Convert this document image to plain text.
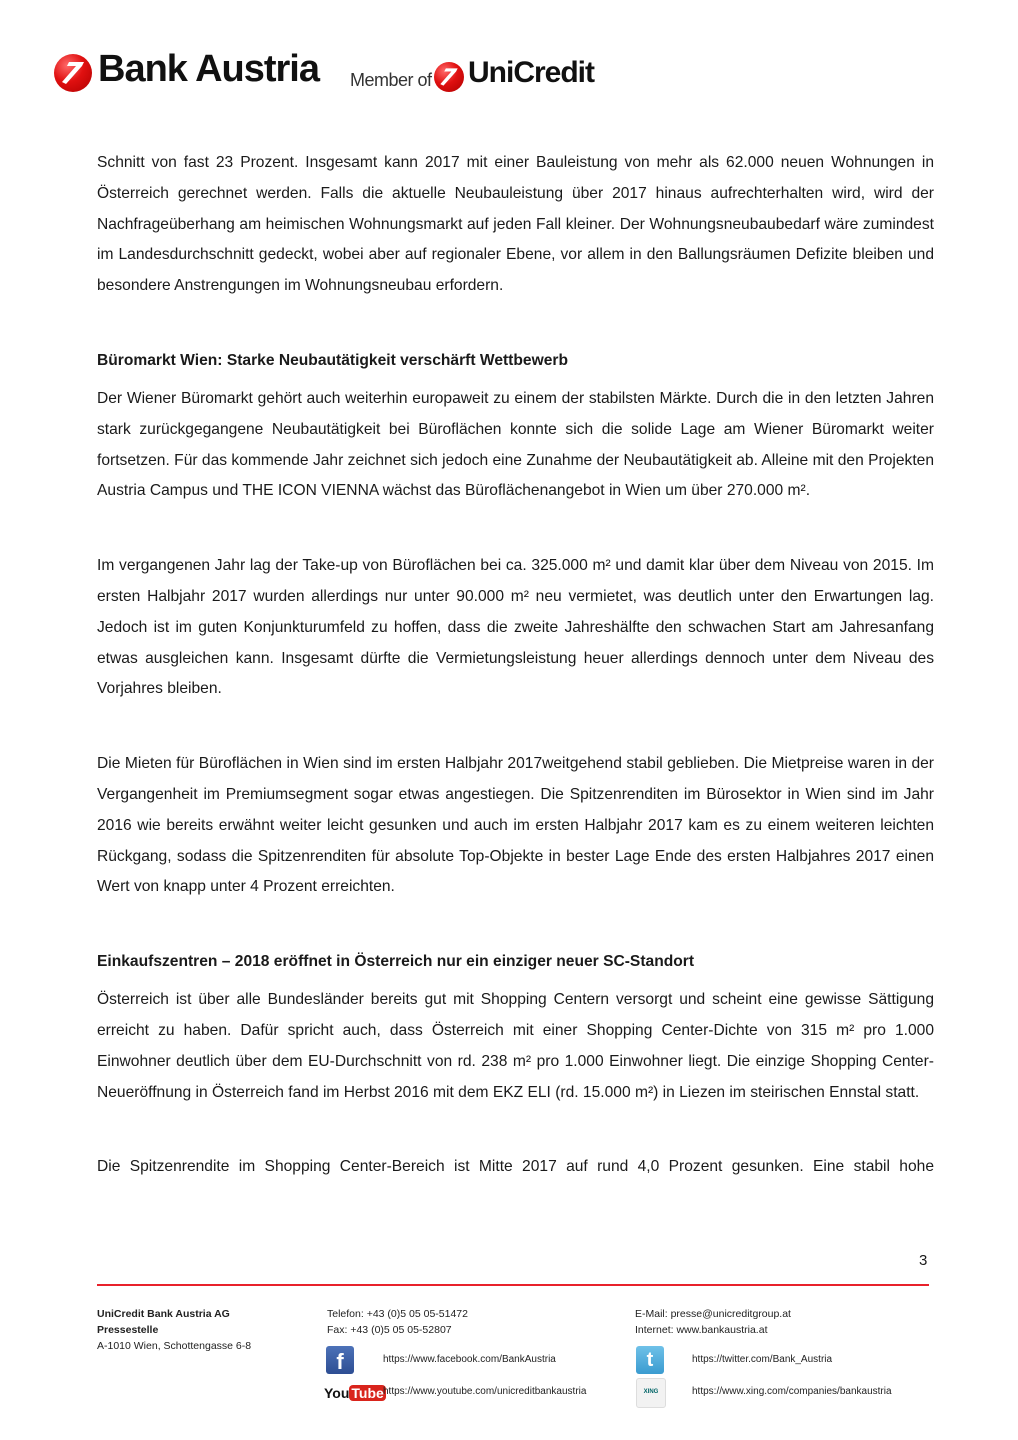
Bank Austria Member of UniCredit

Schnitt von fast 23 Prozent. Insgesamt kann 2017 mit einer Bauleistung von mehr als 62.000 neuen Wohnungen in Österreich gerechnet werden. Falls die aktuelle Neubauleistung über 2017 hinaus aufrechterhalten wird, wird der Nachfrageüberhang am heimischen Wohnungsmarkt auf jeden Fall kleiner. Der Wohnungsneubaubedarf wäre zumindest im Landesdurchschnitt gedeckt, wobei aber auf regionaler Ebene, vor allem in den Ballungsräumen Defizite bleiben und besondere Anstrengungen im Wohnungsneubau erfordern.

Büromarkt Wien: Starke Neubautätigkeit verschärft Wettbewerb

Der Wiener Büromarkt gehört auch weiterhin europaweit zu einem der stabilsten Märkte. Durch die in den letzten Jahren stark zurückgegangene Neubautätigkeit bei Büroflächen konnte sich die solide Lage am Wiener Büromarkt weiter fortsetzen. Für das kommende Jahr zeichnet sich jedoch eine Zunahme der Neubautätigkeit ab. Alleine mit den Projekten Austria Campus und THE ICON VIENNA wächst das Büroflächenangebot in Wien um über 270.000 m².

Im vergangenen Jahr lag der Take-up von Büroflächen bei ca. 325.000 m² und damit klar über dem Niveau von 2015. Im ersten Halbjahr 2017 wurden allerdings nur unter 90.000 m² neu vermietet, was deutlich unter den Erwartungen lag. Jedoch ist im guten Konjunkturumfeld zu hoffen, dass die zweite Jahreshälfte den schwachen Start am Jahresanfang etwas ausgleichen kann. Insgesamt dürfte die Vermietungsleistung heuer allerdings dennoch unter dem Niveau des Vorjahres bleiben.

Die Mieten für Büroflächen in Wien sind im ersten Halbjahr 2017weitgehend stabil geblieben. Die Mietpreise waren in der Vergangenheit im Premiumsegment sogar etwas angestiegen. Die Spitzenrenditen im Bürosektor in Wien sind im Jahr 2016 wie bereits erwähnt weiter leicht gesunken und auch im ersten Halbjahr 2017 kam es zu einem weiteren leichten Rückgang, sodass die Spitzenrenditen für absolute Top-Objekte in bester Lage Ende des ersten Halbjahres 2017 einen Wert von knapp unter 4 Prozent erreichten.

Einkaufszentren – 2018 eröffnet in Österreich nur ein einziger neuer SC-Standort

Österreich ist über alle Bundesländer bereits gut mit Shopping Centern versorgt und scheint eine gewisse Sättigung erreicht zu haben. Dafür spricht auch, dass Österreich mit einer Shopping Center-Dichte von 315 m² pro 1.000 Einwohner deutlich über dem EU-Durchschnitt von rd. 238 m² pro 1.000 Einwohner liegt. Die einzige Shopping Center-Neueröffnung in Österreich fand im Herbst 2016 mit dem EKZ ELI (rd. 15.000 m²) in Liezen im steirischen Ennstal statt.

Die Spitzenrendite im Shopping Center-Bereich ist Mitte 2017 auf rund 4,0 Prozent gesunken. Eine stabil hohe

3
UniCredit Bank Austria AG
Pressestelle
A-1010 Wien, Schottengasse 6-8
Telefon: +43 (0)5 05 05-51472
Fax: +43 (0)5 05 05-52807
E-Mail: presse@unicreditgroup.at
Internet: www.bankaustria.at
f	https://www.facebook.com/BankAustria
You Tube https://www.youtube.com/unicreditbankaustria
t	https://twitter.com/Bank_Austria
XING	https://www.xing.com/companies/bankaustria
